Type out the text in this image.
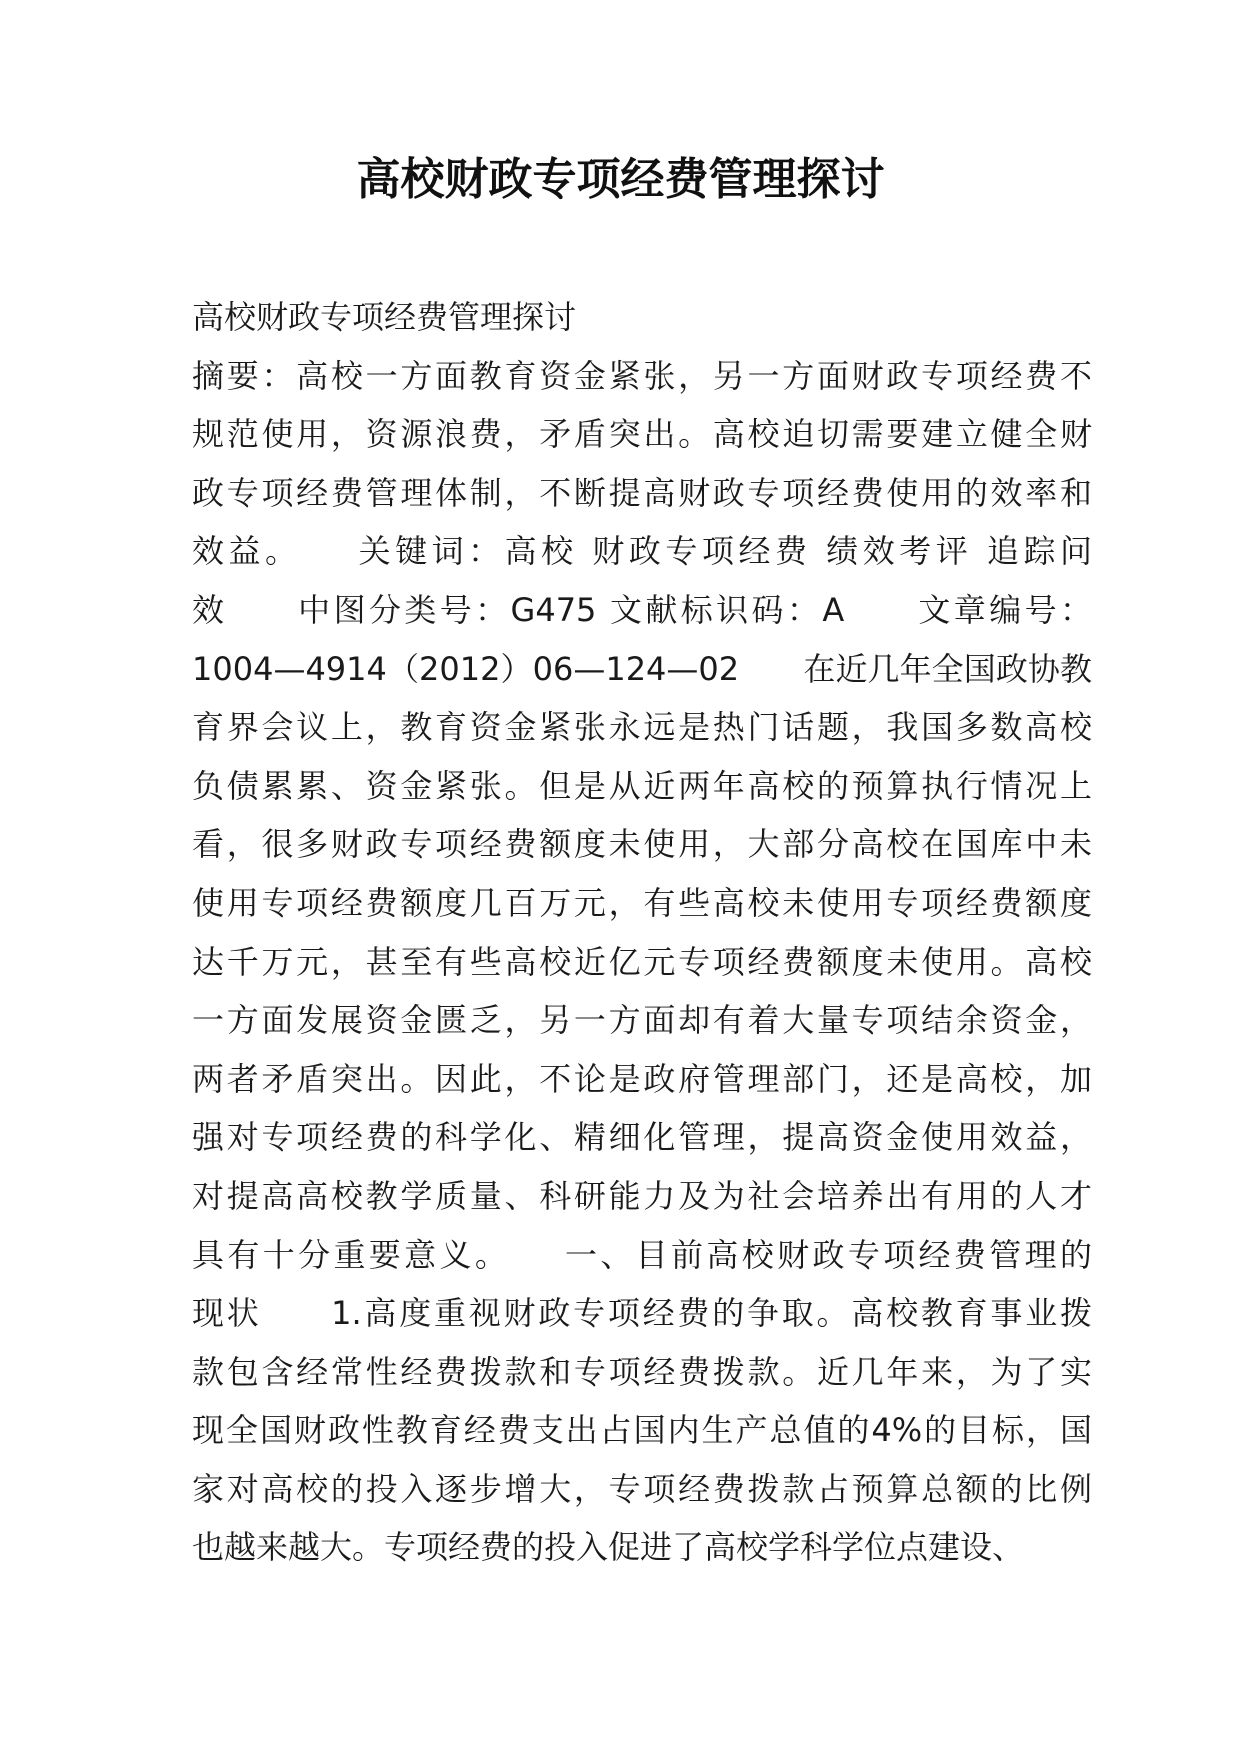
高校财政专项经费管理探讨
高校财政专项经费管理探讨
摘要：高校一方面教育资金紧张，另一方面财政专项经费不
规范使用，资源浪费，矛盾突出。高校迫切需要建立健全财
政专项经费管理体制，不断提高财政专项经费使用的效率和
效益。　　关键词：高校 财政专项经费 绩效考评 追踪问
效　　中图分类号：G475 文献标识码：A　　文章编号：
1004—4914（2012）06—124—02　　在近几年全国政协教
育界会议上，教育资金紧张永远是热门话题，我国多数高校
负债累累、资金紧张。但是从近两年高校的预算执行情况上
看，很多财政专项经费额度未使用，大部分高校在国库中未
使用专项经费额度几百万元，有些高校未使用专项经费额度
达千万元，甚至有些高校近亿元专项经费额度未使用。高校
一方面发展资金匮乏，另一方面却有着大量专项结余资金，
两者矛盾突出。因此，不论是政府管理部门，还是高校，加
强对专项经费的科学化、精细化管理，提高资金使用效益，
对提高高校教学质量、科研能力及为社会培养出有用的人才
具有十分重要意义。　　一、目前高校财政专项经费管理的
现状　　1.高度重视财政专项经费的争取。高校教育事业拨
款包含经常性经费拨款和专项经费拨款。近几年来，为了实
现全国财政性教育经费支出占国内生产总值的4%的目标，国
家对高校的投入逐步增大，专项经费拨款占预算总额的比例
也越来越大。专项经费的投入促进了高校学科学位点建设、
